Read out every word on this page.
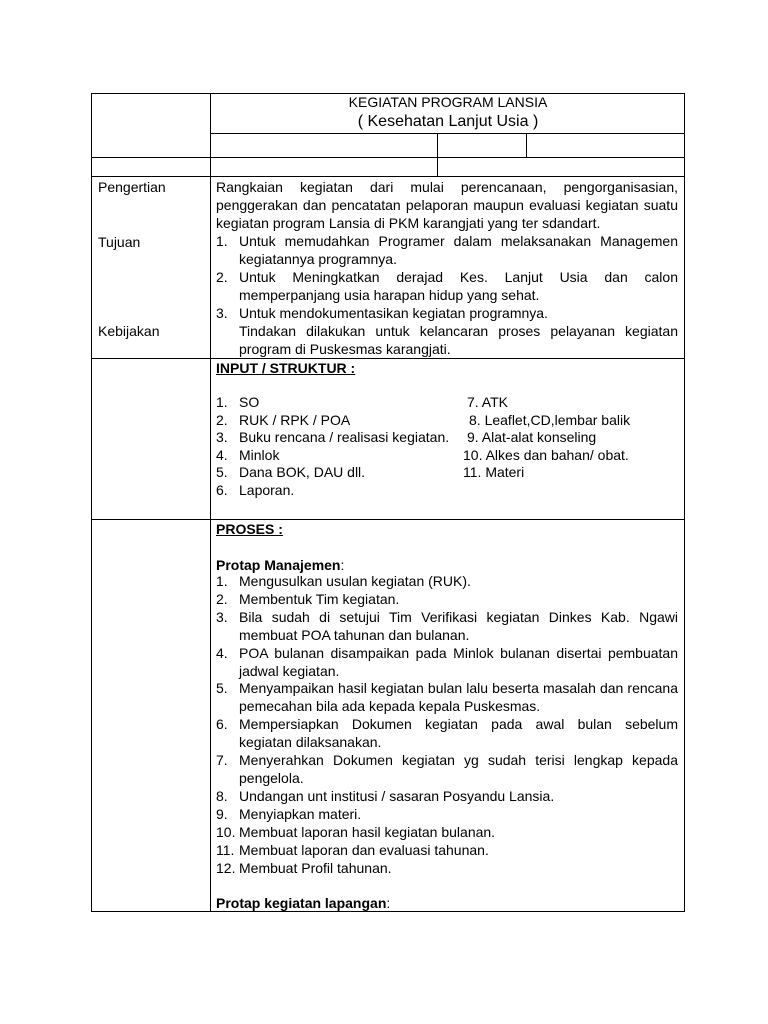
KEGIATAN PROGRAM LANSIA
( Kesehatan Lanjut Usia )
Pengertian	Rangkaian kegiatan dari mulai perencanaan, pengorganisasian, penggerakan dan pencatatan pelaporan maupun evaluasi kegiatan suatu kegiatan program Lansia di PKM karangjati yang ter sdandart.
Tujuan	1. Untuk memudahkan Programer dalam melaksanakan Managemen kegiatannya programnya.
2. Untuk Meningkatkan derajad Kes. Lanjut Usia dan calon memperpanjang usia harapan hidup yang sehat.
3. Untuk mendokumentasikan kegiatan programnya.
Kebijakan	Tindakan dilakukan untuk kelancaran proses pelayanan kegiatan program di Puskesmas karangjati.
INPUT / STRUKTUR :
1. SO	7. ATK
2. RUK / RPK / POA	8. Leaflet,CD,lembar balik
3. Buku rencana / realisasi kegiatan. 9. Alat-alat konseling
4. Minlok	10. Alkes dan bahan/ obat.
5. Dana BOK, DAU dll.	11. Materi
6. Laporan.
PROSES :
Protap Manajemen:
1. Mengusulkan usulan kegiatan (RUK).
2. Membentuk Tim kegiatan.
3. Bila sudah di setujui Tim Verifikasi kegiatan Dinkes Kab. Ngawi membuat POA tahunan dan bulanan.
4. POA bulanan disampaikan pada Minlok bulanan disertai pembuatan jadwal kegiatan.
5. Menyampaikan hasil kegiatan bulan lalu beserta masalah dan rencana pemecahan bila ada kepada kepala Puskesmas.
6. Mempersiapkan Dokumen kegiatan pada awal bulan sebelum kegiatan dilaksanakan.
7. Menyerahkan Dokumen kegiatan yg sudah terisi lengkap kepada pengelola.
8. Undangan unt institusi / sasaran Posyandu Lansia.
9. Menyiapkan materi.
10. Membuat laporan hasil kegiatan bulanan.
11. Membuat laporan dan evaluasi tahunan.
12. Membuat Profil tahunan.
Protap kegiatan lapangan:
